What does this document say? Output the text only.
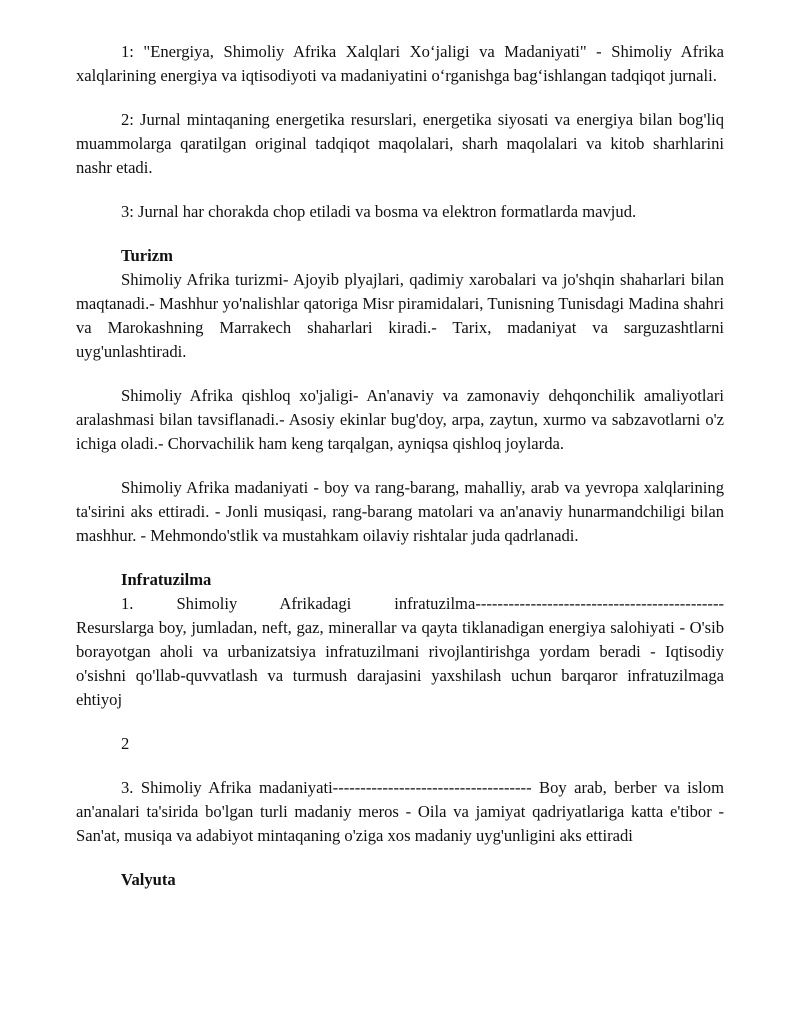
1: "Energiya, Shimoliy Afrika Xalqlari Xo‘jaligi va Madaniyati" - Shimoliy Afrika xalqlarining energiya va iqtisodiyoti va madaniyatini o‘rganishga bag‘ishlangan tadqiqot jurnali.

2: Jurnal mintaqaning energetika resurslari, energetika siyosati va energiya bilan bog'liq muammolarga qaratilgan original tadqiqot maqolalari, sharh maqolalari va kitob sharhlarini nashr etadi.

3: Jurnal har chorakda chop etiladi va bosma va elektron formatlarda mavjud.

Turizm

Shimoliy Afrika turizmi- Ajoyib plyajlari, qadimiy xarobalari va jo'shqin shaharlari bilan maqtanadi.- Mashhur yo'nalishlar qatoriga Misr piramidalari, Tunisning Tunisdagi Madina shahri va Marokashning Marrakech shaharlari kiradi.- Tarix, madaniyat va sarguzashtlarni uyg'unlashtiradi.

Shimoliy Afrika qishloq xo'jaligi- An'anaviy va zamonaviy dehqonchilik amaliyotlari aralashmasi bilan tavsiflanadi.- Asosiy ekinlar bug'doy, arpa, zaytun, xurmo va sabzavotlarni o'z ichiga oladi.- Chorvachilik ham keng tarqalgan, ayniqsa qishloq joylarda.

Shimoliy Afrika madaniyati - boy va rang-barang, mahalliy, arab va yevropa xalqlarining ta'sirini aks ettiradi. - Jonli musiqasi, rang-barang matolari va an'anaviy hunarmandchiligi bilan mashhur. - Mehmondo'stlik va mustahkam oilaviy rishtalar juda qadrlanadi.

Infratuzilma

1. Shimoliy Afrikadagi infratuzilma---------------------------------------------

Resurslarga boy, jumladan, neft, gaz, minerallar va qayta tiklanadigan energiya salohiyati - O'sib borayotgan aholi va urbanizatsiya infratuzilmani rivojlantirishga yordam beradi - Iqtisodiy o'sishni qo'llab-quvvatlash va turmush darajasini yaxshilash uchun barqaror infratuzilmaga ehtiyoj

2

3. Shimoliy Afrika madaniyati------------------------------------ Boy arab, berber va islom an'analari ta'sirida bo'lgan turli madaniy meros - Oila va jamiyat qadriyatlariga katta e'tibor - San'at, musiqa va adabiyot mintaqaning o'ziga xos madaniy uyg'unligini aks ettiradi

Valyuta
